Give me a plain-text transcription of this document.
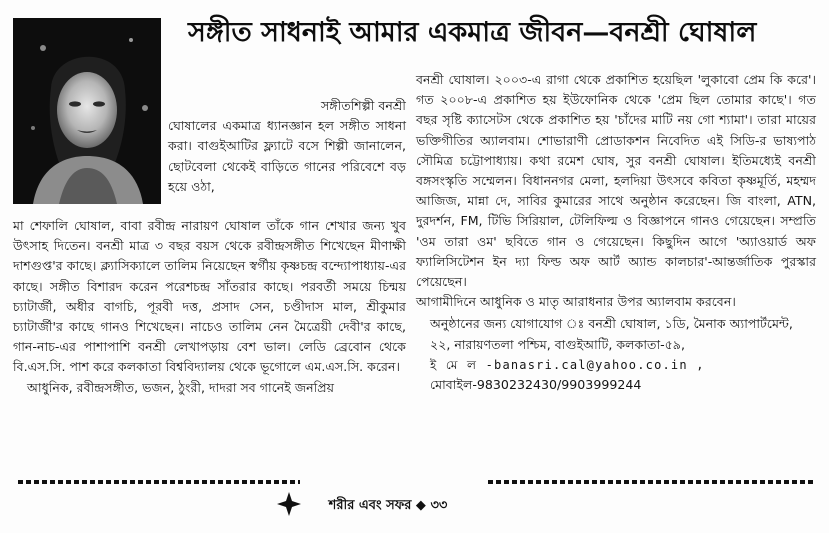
সঙ্গীত সাধনাই আমার একমাত্র জীবন—বনশ্রী ঘোষাল

সঙ্গীতশিল্পী বনশ্রী

ঘোষালের একমাত্র ধ্যানজ্ঞান হল সঙ্গীত সাধনা করা। বাগুইআটির ফ্ল্যাটে বসে শিল্পী জানালেন, ছোটবেলা থেকেই বাড়িতে গানের পরিবেশে বড় হয়ে ওঠা,

মা শেফালি ঘোষাল, বাবা রবীন্দ্র নারায়ণ ঘোষাল তাঁকে গান শেখার জন্য খুব উৎসাহ দিতেন। বনশ্রী মাত্র ৩ বছর বয়স থেকে রবীন্দ্রসঙ্গীত শিখেছেন মীণাক্ষী দাশগুপ্ত'র কাছে। ক্ল্যাসিক্যালে তালিম নিয়েছেন স্বর্গীয় কৃষ্ণচন্দ্র বন্দ্যোপাধ্যায়-এর কাছে। সঙ্গীত বিশারদ করেন পরেশচন্দ্র সাঁতরার কাছে। পরবর্তী সময়ে চিন্ময় চ্যাটার্জী, অধীর বাগচি, পূরবী দত্ত, প্রসাদ সেন, চণ্ডীদাস মাল, শ্রীকুমার চ্যাটার্জী'র কাছে গানও শিখেছেন। নাচেও তালিম নেন মৈত্রেয়ী দেবী'র কাছে, গান-নাচ-এর পাশাপাশি বনশ্রী লেখাপড়ায় বেশ ভাল। লেডি ব্রেবোন থেকে বি.এস.সি. পাশ করে কলকাতা বিশ্ববিদ্যালয় থেকে ভূগোলে এম.এস.সি. করেন।

আধুনিক, রবীন্দ্রসঙ্গীত, ভজন, ঠুংরী, দাদরা সব গানেই জনপ্রিয়

বনশ্রী ঘোষাল। ২০০৩-এ রাগা থেকে প্রকাশিত হয়েছিল 'লুকাবো প্রেম কি করে'। গত ২০০৮-এ প্রকাশিত হয় ইউফোনিক থেকে 'প্রেম ছিল তোমার কাছে'। গত বছর সৃষ্টি ক্যাসেটস থেকে প্রকাশিত হয় 'চাঁদের মাটি নয় গো শ্যামা'। তারা মায়ের ভক্তিগীতির অ্যালবাম। শোভারাণী প্রোডাকশন নিবেদিত এই সিডি-র ভাষ্যপাঠ সৌমিত্র চট্টোপাধ্যায়। কথা রমেশ ঘোষ, সুর বনশ্রী ঘোষাল। ইতিমধ্যেই বনশ্রী বঙ্গসংস্কৃতি সম্মেলন। বিধাননগর মেলা, হলদিয়া উৎসবে কবিতা কৃষ্ণমূর্তি, মহম্মদ আজিজ, মান্না দে, সাবির কুমারের সাথে অনুষ্ঠান করেছেন। জি বাংলা, ATN, দুরদর্শন, FM, টিভি সিরিয়াল, টেলিফিল্ম ও বিজ্ঞাপনে গানও গেয়েছেন। সম্প্রতি 'ওম তারা ওম' ছবিতে গান ও গেয়েছেন। কিছুদিন আগে 'অ্যাওয়ার্ড অফ ফ্যালিসিটেশন ইন দ্যা ফিল্ড অফ আর্ট অ্যান্ড কালচার'-আন্তর্জাতিক পুরস্কার পেয়েছেন।

আগামীদিনে আধুনিক ও মাতৃ আরাধনার উপর অ্যালবাম করবেন।

অনুষ্ঠানের জন্য যোগাযোগ ঃ বনশ্রী ঘোষাল, ১ডি, মৈনাক অ্যাপার্টমেন্ট, ২২, নারায়ণতলা পশ্চিম, বাগুইআটি, কলকাতা-৫৯,
ই মে ল -banasri.cal@yahoo.co.in ,
মোবাইল-9830232430/9903999244

শরীর এবং সফর ◆ ৩৩
